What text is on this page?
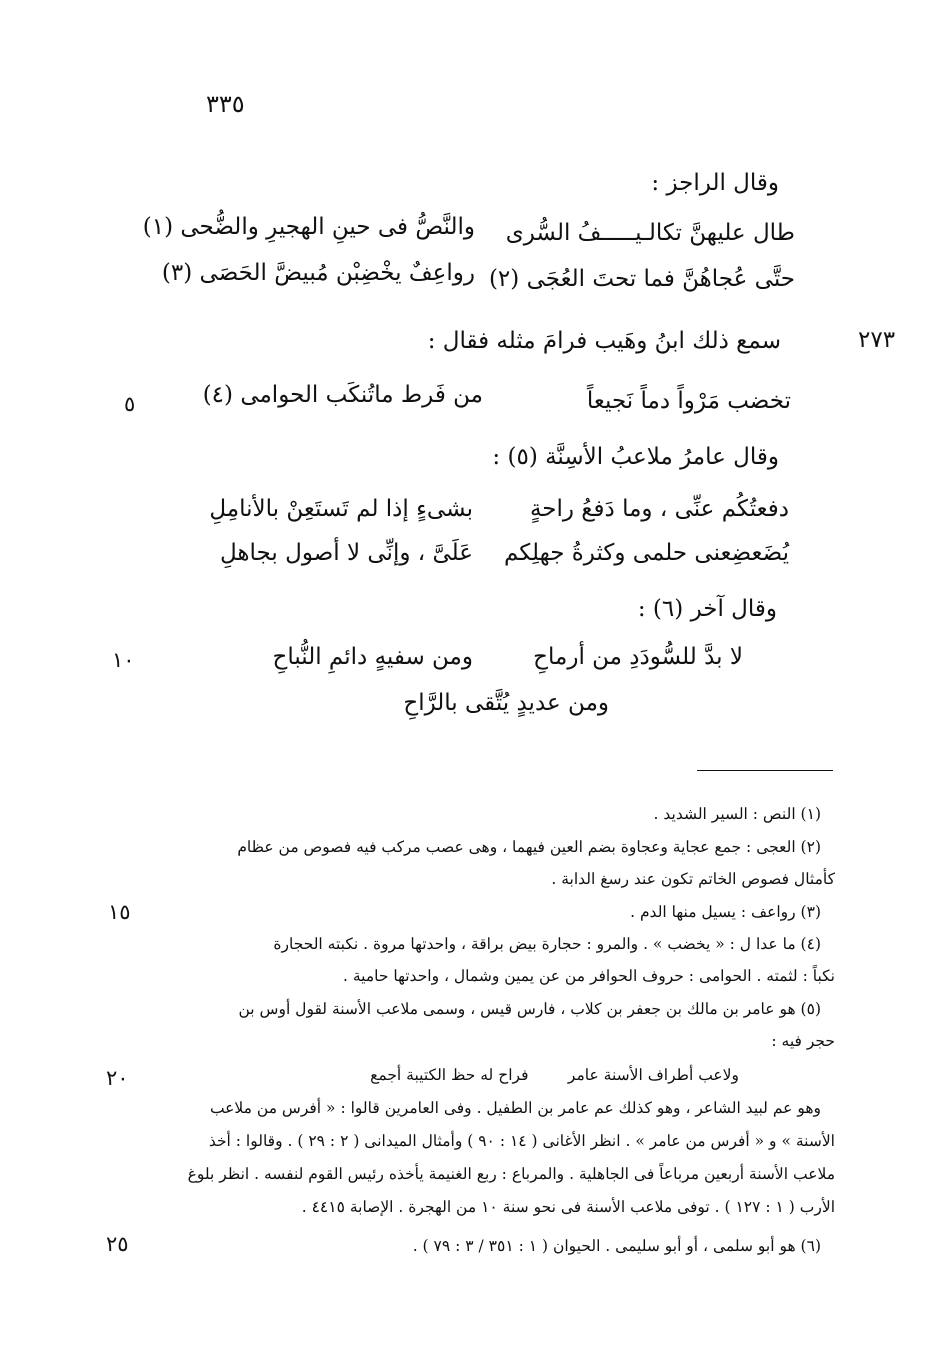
٣٣٥
وقال الراجز :
طال عليهنَّ تكالـيـــــفُ السُّرى
والنَّصُّ فى حينِ الهجيرِ والضُّحى (١)
حتَّى عُجاهُنَّ فما تحتَ العُجَى (٢)
رواعِفٌ يخْضِبْن مُبيضَّ الحَصَى (٣)
٢٧٣
سمع ذلك ابنُ وهَيب فرامَ مثله فقال :
تخضب مَرْواً دماً نَجيعاً
من فَرط ماتُنكَب الحوامى (٤)
٥
وقال عامرُ ملاعبُ الأسِنَّة (٥) :
دفعتُكُم عنِّى ، وما دَفعُ راحةٍ
بشىءٍ إذا لم تَستَعِنْ بالأنامِلِ
يُضَعضِعنى حلمى وكثرةُ جهلِكم
عَلَىَّ ، وإنِّى لا أصول بجاهلِ
وقال آخر (٦) :
لا بدَّ للسُّودَدِ من أرماحِ
ومن سفيهٍ دائمِ النُّباحِ
١٠
ومن عديدٍ يُتَّقى بالرَّاحِ
(١) النص : السير الشديد .
(٢) العجى : جمع عجاية وعجاوة بضم العين فيهما ، وهى عصب مركب فيه فصوص من عظام
كأمثال فصوص الخاتم تكون عند رسغ الدابة .
(٣) رواعف : يسيل منها الدم .
١٥
(٤) ما عدا ل : « يخضب » . والمرو : حجارة بيض براقة ، واحدتها مروة . نكبته الحجارة
نكباً : لثمته . الحوامى : حروف الحوافر من عن يمين وشمال ، واحدتها حامية .
(٥) هو عامر بن مالك بن جعفر بن كلاب ، فارس قيس ، وسمى ملاعب الأسنة لقول أوس بن
حجر فيه :
ولاعب أطراف الأسنة عامر        فراح له حظ الكتيبة أجمع
٢٠
وهو عم لبيد الشاعر ، وهو كذلك عم عامر بن الطفيل . وفى العامرين قالوا : « أفرس من ملاعب
الأسنة » و « أفرس من عامر » . انظر الأغانى ( ١٤ : ٩٠ ) وأمثال الميدانى ( ٢ : ٢٩ ) . وقالوا : أخذ
ملاعب الأسنة أربعين مرباعاً فى الجاهلية . والمرباع : ربع الغنيمة يأخذه رئيس القوم لنفسه . انظر بلوغ
الأرب ( ١ : ١٢٧ ) . توفى ملاعب الأسنة فى نحو سنة ١٠ من الهجرة . الإصابة ٤٤١٥ .
(٦) هو أبو سلمى ، أو أبو سليمى . الحيوان ( ١ : ٣٥١ / ٣ : ٧٩ ) .
٢٥
